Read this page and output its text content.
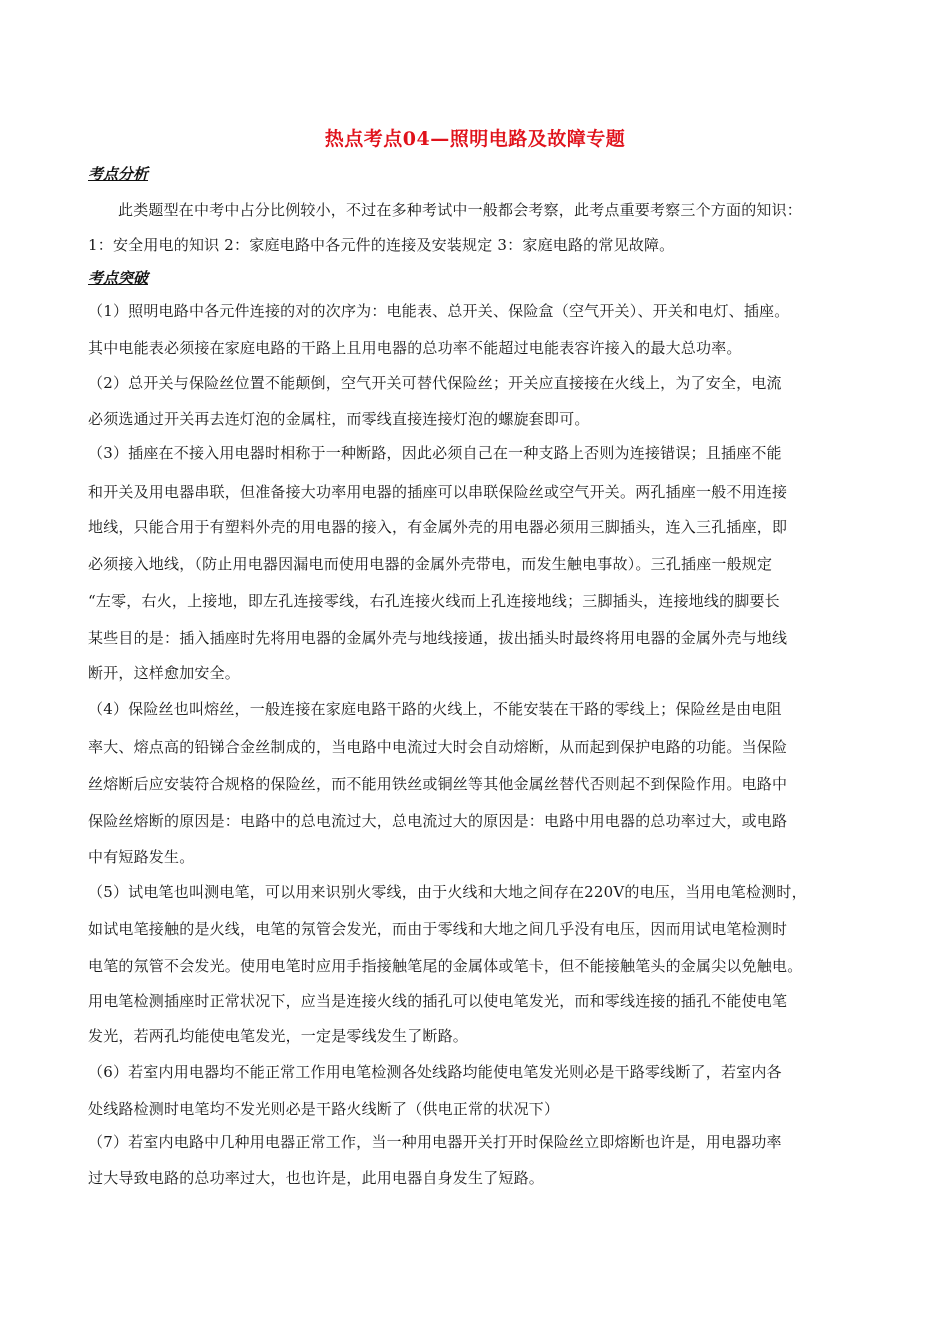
热点考点04—照明电路及故障专题
考点分析
此类题型在中考中占分比例较小，不过在多种考试中一般都会考察，此考点重要考察三个方面的知识：
1：安全用电的知识 2：家庭电路中各元件的连接及安装规定 3：家庭电路的常见故障。
考点突破
（1）照明电路中各元件连接的对的次序为：电能表、总开关、保险盒（空气开关）、开关和电灯、插座。
其中电能表必须接在家庭电路的干路上且用电器的总功率不能超过电能表容许接入的最大总功率。
（2）总开关与保险丝位置不能颠倒，空气开关可替代保险丝；开关应直接接在火线上，为了安全，电流
必须选通过开关再去连灯泡的金属柱，而零线直接连接灯泡的螺旋套即可。
（3）插座在不接入用电器时相称于一种断路，因此必须自己在一种支路上否则为连接错误；且插座不能
和开关及用电器串联，但准备接大功率用电器的插座可以串联保险丝或空气开关。两孔插座一般不用连接
地线，只能合用于有塑料外壳的用电器的接入，有金属外壳的用电器必须用三脚插头，连入三孔插座，即
必须接入地线，（防止用电器因漏电而使用电器的金属外壳带电，而发生触电事故）。三孔插座一般规定
“左零，右火，上接地，即左孔连接零线，右孔连接火线而上孔连接地线；三脚插头，连接地线的脚要长
某些目的是：插入插座时先将用电器的金属外壳与地线接通，拔出插头时最终将用电器的金属外壳与地线
断开，这样愈加安全。
（4）保险丝也叫熔丝，一般连接在家庭电路干路的火线上，不能安装在干路的零线上；保险丝是由电阻
率大、熔点高的铅锑合金丝制成的，当电路中电流过大时会自动熔断，从而起到保护电路的功能。当保险
丝熔断后应安装符合规格的保险丝，而不能用铁丝或铜丝等其他金属丝替代否则起不到保险作用。电路中
保险丝熔断的原因是：电路中的总电流过大，总电流过大的原因是：电路中用电器的总功率过大，或电路
中有短路发生。
（5）试电笔也叫测电笔，可以用来识别火零线，由于火线和大地之间存在220V的电压，当用电笔检测时，
如试电笔接触的是火线，电笔的氖管会发光，而由于零线和大地之间几乎没有电压，因而用试电笔检测时
电笔的氖管不会发光。使用电笔时应用手指接触笔尾的金属体或笔卡，但不能接触笔头的金属尖以免触电。
用电笔检测插座时正常状况下，应当是连接火线的插孔可以使电笔发光，而和零线连接的插孔不能使电笔
发光，若两孔均能使电笔发光，一定是零线发生了断路。
（6）若室内用电器均不能正常工作用电笔检测各处线路均能使电笔发光则必是干路零线断了，若室内各
处线路检测时电笔均不发光则必是干路火线断了（供电正常的状况下）
（7）若室内电路中几种用电器正常工作，当一种用电器开关打开时保险丝立即熔断也许是，用电器功率
过大导致电路的总功率过大，也也许是，此用电器自身发生了短路。
